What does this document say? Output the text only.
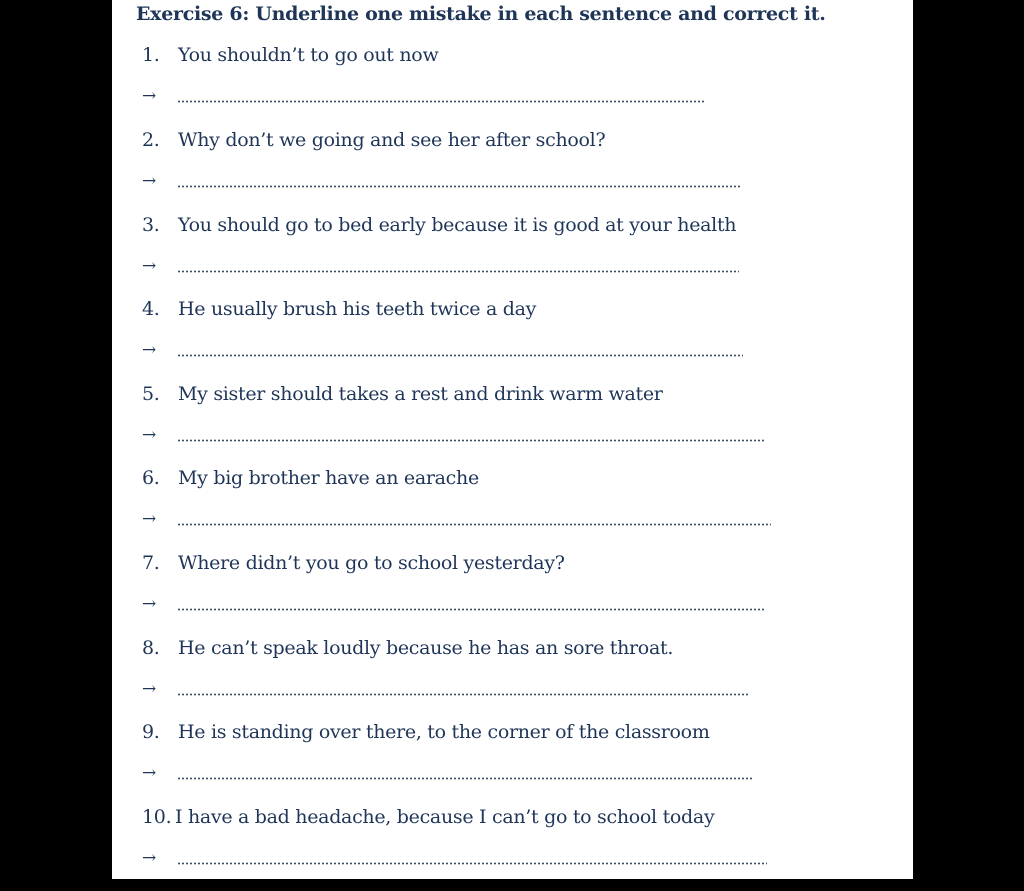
Exercise 6: Underline one mistake in each sentence and correct it.
1. You shouldn’t to go out now
→
2. Why don’t we going and see her after school?
→
3. You should go to bed early because it is good at your health
→
4. He usually brush his teeth twice a day
→
5. My sister should takes a rest and drink warm water
→
6. My big brother have an earache
→
7. Where didn’t you go to school yesterday?
→
8. He can’t speak loudly because he has an sore throat.
→
9. He is standing over there, to the corner of the classroom
→
10. I have a bad headache, because I can’t go to school today
→
